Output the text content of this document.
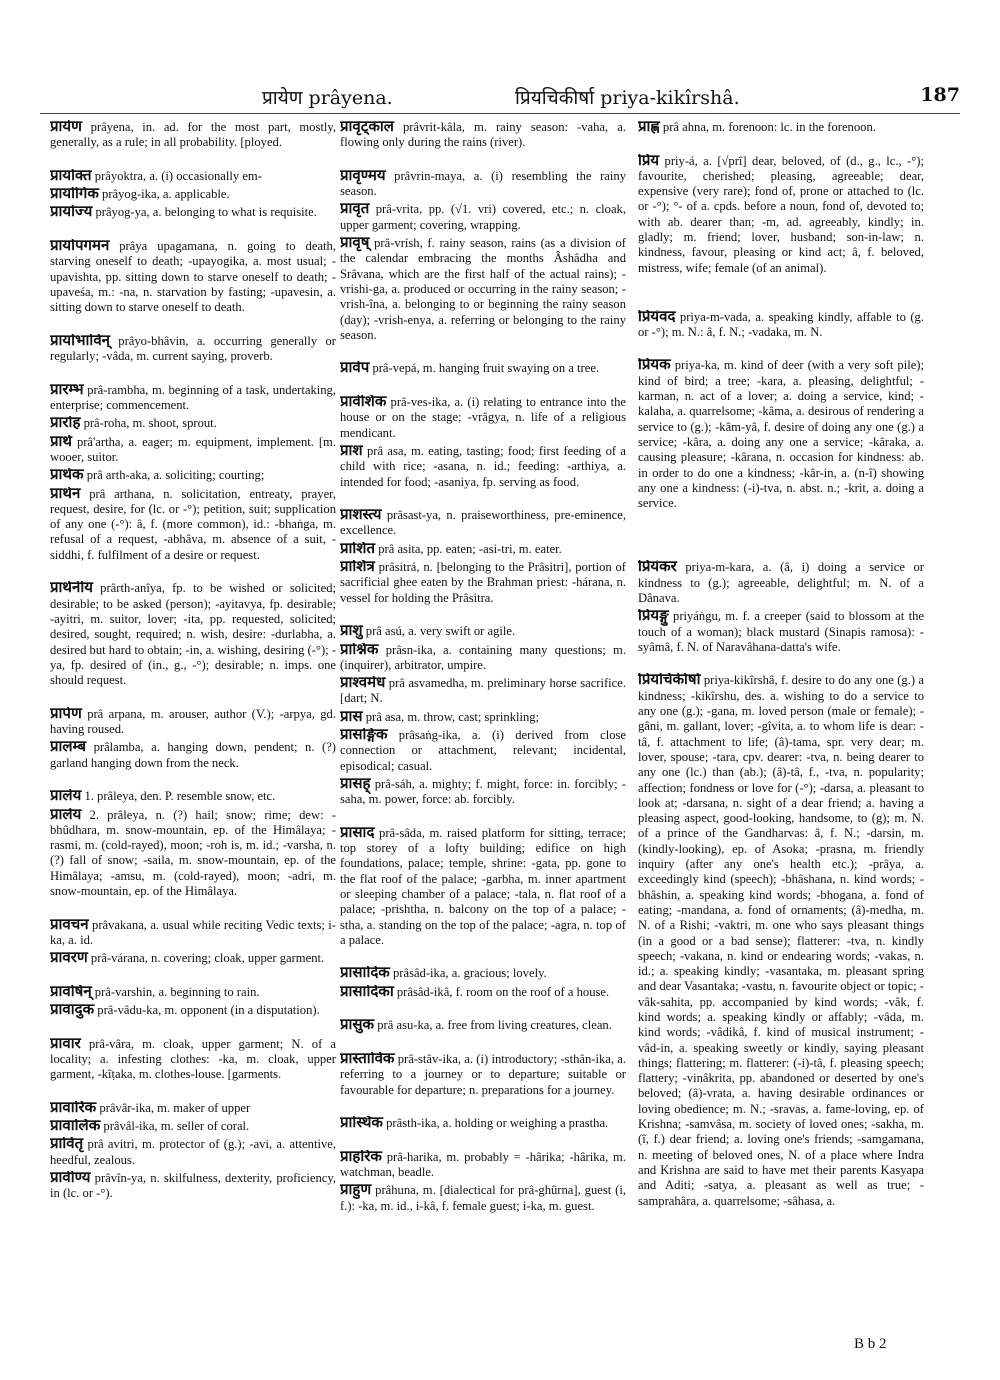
प्रायेण prâyena.	प्रियचिकीर्षा priya-kikîrshâ.	187

प्रायेण prâyena, in. ad. for the most part, mostly, generally, as a rule; in all probability. [ployed.

प्रायोक्त prâyoktra, a. (i) occasionally em-

प्रायोगिक prâyog-ika, a. applicable.

प्रायोज्य prâyog-ya, a. belonging to what is requisite.

प्रायोपगमन prâya upagamana, n. going to death, starving oneself to death; -upayogika, a. most usual; -upavishta, pp. sitting down to starve oneself to death; -upaveśa, m.: -na, n. starvation by fasting; -upavesin, a. sitting down to starve oneself to death.

प्रायोभाविन् prâyo-bhâvin, a. occurring generally or regularly; -vâda, m. current saying, proverb.

प्रारम्भ prâ-rambha, m. beginning of a task, undertaking, enterprise; commencement.

प्रारोह prâ-roha, m. shoot, sprout.

प्रार्थ prâ'artha, a. eager; m. equipment, implement. [m. wooer, suitor.

प्रार्थक prâ arth-aka, a. soliciting; courting;

प्रार्थन prâ arthana, n. solicitation, entreaty, prayer, request, desire, for (lc. or -°); petition, suit; supplication of any one (-°): â, f. (more common), id.: -bhaṅga, m. refusal of a request, -abhâva, m. absence of a suit, -siddhi, f. fulfilment of a desire or request.

प्रार्थनीय prârth-anîya, fp. to be wished or solicited; desirable; to be asked (person); -ayitavya, fp. desirable; -ayitri, m. suitor, lover; -ita, pp. requested, solicited; desired, sought, required; n. wish, desire: -durlabha, a. desired but hard to obtain; -in, a. wishing, desiring (-°); -ya, fp. desired of (in., g., -°); desirable; n. imps. one should request.

प्रार्पण prâ arpana, m. arouser, author (V.); -arpya, gd. having roused.

प्रालम्ब prâlamba, a. hanging down, pendent; n. (?) garland hanging down from the neck.

प्रालेय 1. prâleya, den. P. resemble snow, etc.

प्रालेय 2. prâleya, n. (?) hail; snow; rime; dew: -bhûdhara, m. snow-mountain, ep. of the Himâlaya; -rasmi, m. (cold-rayed), moon; -roh is, m. id.; -varsha, n. (?) fall of snow; -saila, m. snow-mountain, ep. of the Himâlaya; -amsu, m. (cold-rayed), moon; -adri, m. snow-mountain, ep. of the Himâlaya.

प्रावचन prâvakana, a. usual while reciting Vedic texts; i-ka, a. id.

प्रावरण prâ-várana, n. covering; cloak, upper garment.

प्रावर्षिन् prâ-varshin, a. beginning to rain.

प्रावादुक prâ-vâdu-ka, m. opponent (in a disputation).

प्रावार prâ-vâra, m. cloak, upper garment; N. of a locality; a. infesting clothes: -ka, m. cloak, upper garment, -kîṭaka, m. clothes-louse. [garments.

प्रावारिक prâvâr-ika, m. maker of upper

प्रावालिक prâvâl-ika, m. seller of coral.

प्रावितृ prâ avitri, m. protector of (g.); -avi, a. attentive, heedful, zealous.

प्रावीण्य prâvîn-ya, n. skilfulness, dexterity, proficiency, in (lc. or -°).

प्रावृट्काल prâvrit-kâla, m. rainy season: -vaha, a. flowing only during the rains (river).

प्रावृण्मय prâvrin-maya, a. (i) resembling the rainy season.

प्रावृत prâ-vrita, pp. (√1. vri) covered, etc.; n. cloak, upper garment; covering, wrapping.

प्रावृष् prâ-vrísh, f. rainy season, rains (as a division of the calendar embracing the months Âshâdha and Srâvana, which are the first half of the actual rains); -vrishi-ga, a. produced or occurring in the rainy season; -vrish-îna, a. belonging to or beginning the rainy season (day); -vrish-enya, a. referring or belonging to the rainy season.

प्रावेप prâ-vepá, m. hanging fruit swaying on a tree.

प्रावेशिक prâ-ves-ika, a. (i) relating to entrance into the house or on the stage; -vrâgya, n. life of a religious mendicant.

प्राश prâ asa, m. eating, tasting; food; first feeding of a child with rice; -asana, n. id.; feeding: -arthiya, a. intended for food; -asaniya, fp. serving as food.

प्राशस्त्य prâsast-ya, n. praiseworthiness, pre-eminence, excellence.

प्राशित prâ asita, pp. eaten; -asi-tri, m. eater.

प्राशित्र prâsitrá, n. [belonging to the Prâsitri], portion of sacrificial ghee eaten by the Brahman priest: -hárana, n. vessel for holding the Prâsitra.

प्राशु prâ asú, a. very swift or agile.

प्राश्निक prâsn-ika, a. containing many questions; m. (inquirer), arbitrator, umpire.

प्राश्वमेध prâ asvamedha, m. preliminary horse sacrifice. [dart; N.

प्रास prâ asa, m. throw, cast; sprinkling;

प्रासङ्गिक prâsaṅg-ika, a. (i) derived from close connection or attachment, relevant; incidental, episodical; casual.

प्रासह् prâ-sáh, a. mighty; f. might, force: in. forcibly; -saha, m. power, force: ab. forcibly.

प्रासाद prâ-sâda, m. raised platform for sitting, terrace; top storey of a lofty building; edifice on high foundations, palace; temple, shrine: -gata, pp. gone to the flat roof of the palace; -garbha, m. inner apartment or sleeping chamber of a palace; -tala, n. flat roof of a palace; -prishtha, n. balcony on the top of a palace; -stha, a. standing on the top of the palace; -agra, n. top of a palace.

प्रासादिक prâsâd-ika, a. gracious; lovely.

प्रासादिका prâsâd-ikâ, f. room on the roof of a house.

प्रासुक prâ asu-ka, a. free from living creatures, clean.

प्रास्ताविक prâ-stâv-ika, a. (i) introductory; -sthân-ika, a. referring to a journey or to departure; suitable or favourable for departure; n. preparations for a journey.

प्रास्थिक prâsth-ika, a. holding or weighing a prastha.

प्राहरिक prâ-harika, m. probably = -hârika; -hârika, m. watchman, beadle.

प्राहुण prâhuna, m. [dialectical for prâ-ghûrna], guest (i, f.): -ka, m. id., i-kâ, f. female guest; i-ka, m. guest.

प्राह्ण prâ ahna, m. forenoon: lc. in the forenoon.

प्रिय priy-á, a. [√prî] dear, beloved, of (d., g., lc., -°); favourite, cherished; pleasing, agreeable; dear, expensive (very rare); fond of, prone or attached to (lc. or -°); °- of a. cpds. before a noun, fond of, devoted to; with ab. dearer than; -m, ad. agreeably, kindly; in. gladly; m. friend; lover, husband; son-in-law; n. kindness, favour, pleasing or kind act; â, f. beloved, mistress, wife; female (of an animal).

प्रियंवद priya-m-vada, a. speaking kindly, affable to (g. or -°); m. N.: â, f. N.; -vadaka, m. N.

प्रियक priya-ka, m. kind of deer (with a very soft pile); kind of bird; a tree; -kara, a. pleasing, delightful; -karman, n. act of a lover; a. doing a service, kind; -kalaha, a. quarrelsome; -kâma, a. desirous of rendering a service to (g.); -kâm-yâ, f. desire of doing any one (g.) a service; -kâra, a. doing any one a service; -kâraka, a. causing pleasure; -kârana, n. occasion for kindness: ab. in order to do one a kindness; -kâr-in, a. (n-î) showing any one a kindness: (-i)-tva, n. abst. n.; -krit, a. doing a service.

प्रियंकर priya-m-kara, a. (â, i) doing a service or kindness to (g.); agreeable, delightful; m. N. of a Dânava.

प्रियङ्गु priyáṅgu, m. f. a creeper (said to blossom at the touch of a woman); black mustard (Sinapis ramosa): -syâmâ, f. N. of Naravâhana-datta's wife.

प्रियचिकीर्षा priya-kikîrshâ, f. desire to do any one (g.) a kindness; -kikîrshu, des. a. wishing to do a service to any one (g.); -gana, m. loved person (male or female); -gâni, m. gallant, lover; -gîvita, a. to whom life is dear: -tâ, f. attachment to life; (â)-tama, spr. very dear; m. lover, spouse; -tara, cpv. dearer: -tva, n. being dearer to any one (lc.) than (ab.); (â)-tâ, f., -tva, n. popularity; affection; fondness or love for (-°); -darsa, a. pleasant to look at; -darsana, n. sight of a dear friend; a. having a pleasing aspect, good-looking, handsome, to (g); m. N. of a prince of the Gandharvas: â, f. N.; -darsin, m. (kindly-looking), ep. of Asoka; -prasna, m. friendly inquiry (after any one's health etc.); -prâya, a. exceedingly kind (speech); -bhâshana, n. kind words; -bhâshin, a. speaking kind words; -bhogana, a. fond of eating; -mandana, a. fond of ornaments; (â)-medha, m. N. of a Rishi; -vaktri, m. one who says pleasant things (in a good or a bad sense); flatterer: -tva, n. kindly speech; -vakana, n. kind or endearing words; -vakas, n. id.; a. speaking kindly; -vasantaka, m. pleasant spring and dear Vasantaka; -vastu, n. favourite object or topic; -vâk-sahita, pp. accompanied by kind words; -vâk, f. kind words; a. speaking kindly or affably; -vâda, m. kind words; -vâdikâ, f. kind of musical instrument; -vâd-in, a. speaking sweetly or kindly, saying pleasant things; flattering; m. flatterer: (-i)-tâ, f. pleasing speech; flattery; -vinâkrita, pp. abandoned or deserted by one's beloved; (â)-vrata, a. having desirable ordinances or loving obedience; m. N.; -sravas, a. fame-loving, ep. of Krishna; -samvâsa, m. society of loved ones; -sakha, m. (î, f.) dear friend; a. loving one's friends; -samgamana, n. meeting of beloved ones, N. of a place where Indra and Krishna are said to have met their parents Kasyapa and Aditi; -satya, a. pleasant as well as true; -samprahâra, a. quarrelsome; -sâhasa, a.

B b 2
